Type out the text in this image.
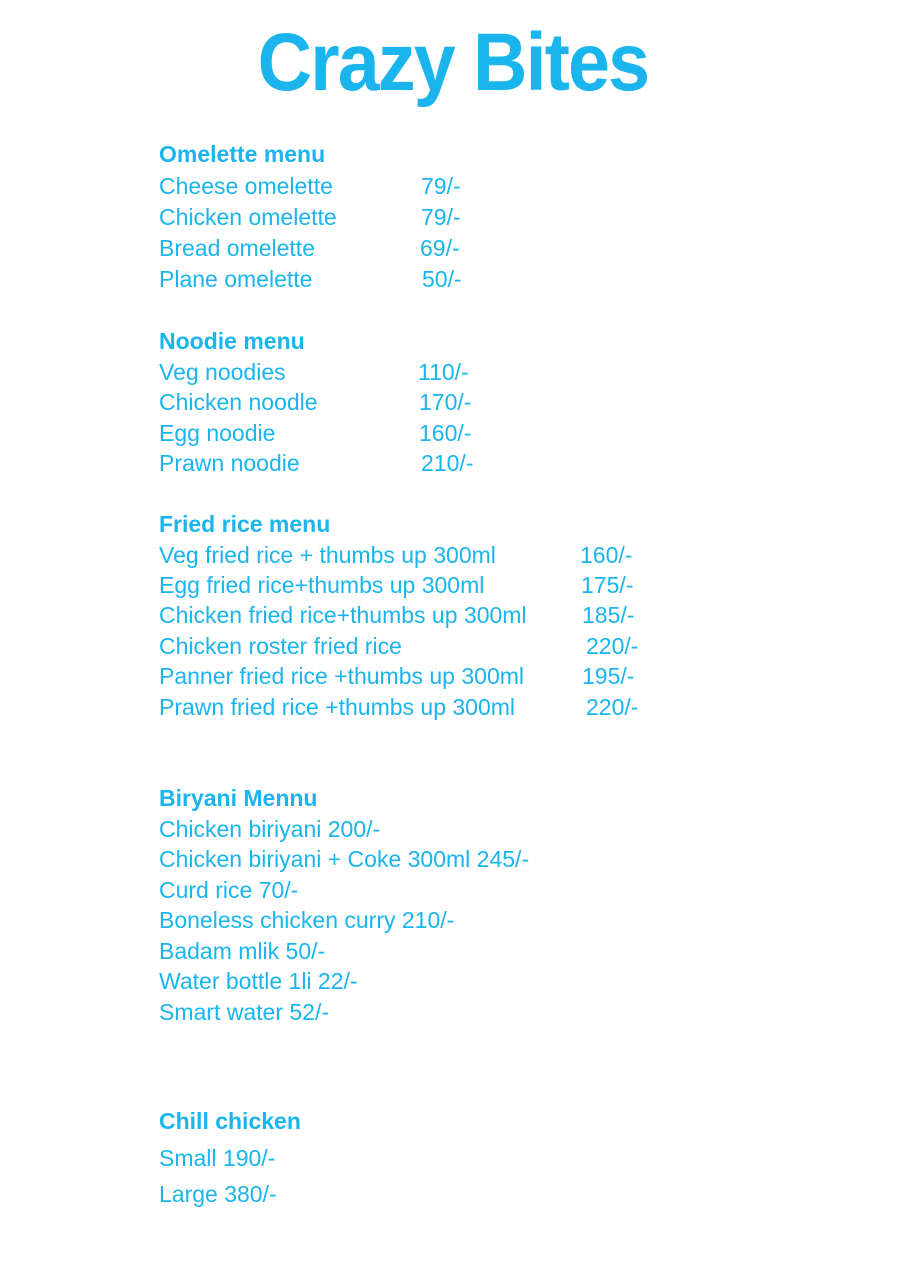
Crazy Bites
Omelette menu
Cheese omelette	79/-
Chicken omelette	79/-
Bread omelette	69/-
Plane omelette	50/-
Noodie menu
Veg noodies	110/-
Chicken noodle	170/-
Egg noodie	160/-
Prawn noodie	210/-
Fried rice menu
Veg fried rice + thumbs up 300ml	160/-
Egg fried rice+thumbs up 300ml	175/-
Chicken fried rice+thumbs up 300ml 185/-
Chicken roster fried rice	220/-
Panner fried rice +thumbs up 300ml	195/-
Prawn fried rice +thumbs up 300ml	220/-
Biryani Mennu
Chicken biriyani 200/-
Chicken biriyani + Coke 300ml 245/-
Curd rice 70/-
Boneless chicken curry 210/-
Badam mlik 50/-
Water bottle 1li 22/-
Smart water 52/-
Chill chicken
Small 190/-
Large 380/-
